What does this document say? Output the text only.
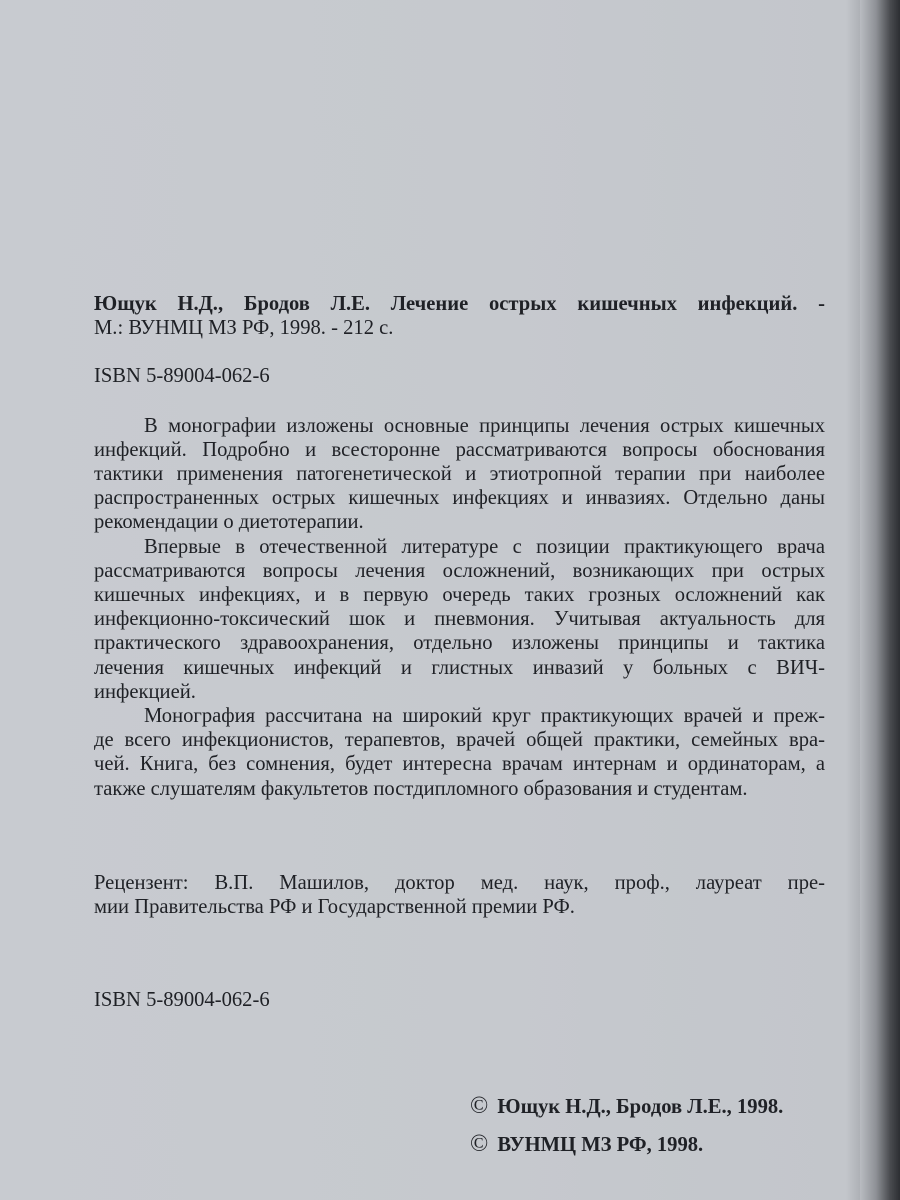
Ющук Н.Д., Бродов Л.Е. Лечение острых кишечных инфекций. -
М.: ВУНМЦ МЗ РФ, 1998. - 212 с.
ISBN 5-89004-062-6
В монографии изложены основные принципы лечения острых кишечных
инфекций. Подробно и всесторонне рассматриваются вопросы обоснования
тактики применения патогенетической и этиотропной терапии при наиболее
распространенных острых кишечных инфекциях и инвазиях. Отдельно даны
рекомендации о диетотерапии.
Впервые в отечественной литературе с позиции практикующего врача
рассматриваются вопросы лечения осложнений, возникающих при острых
кишечных инфекциях, и в первую очередь таких грозных осложнений как
инфекционно-токсический шок и пневмония. Учитывая актуальность для
практического здравоохранения, отдельно изложены принципы и тактика
лечения кишечных инфекций и глистных инвазий у больных с ВИЧ-
инфекцией.
Монография рассчитана на широкий круг практикующих врачей и преж-
де всего инфекционистов, терапевтов, врачей общей практики, семейных вра-
чей. Книга, без сомнения, будет интересна врачам интернам и ординаторам, а
также слушателям факультетов постдипломного образования и студентам.
Рецензент: В.П. Машилов, доктор мед. наук, проф., лауреат пре-
мии Правительства РФ и Государственной премии РФ.
ISBN 5-89004-062-6
© Ющук Н.Д., Бродов Л.Е., 1998.
© ВУНМЦ МЗ РФ, 1998.
